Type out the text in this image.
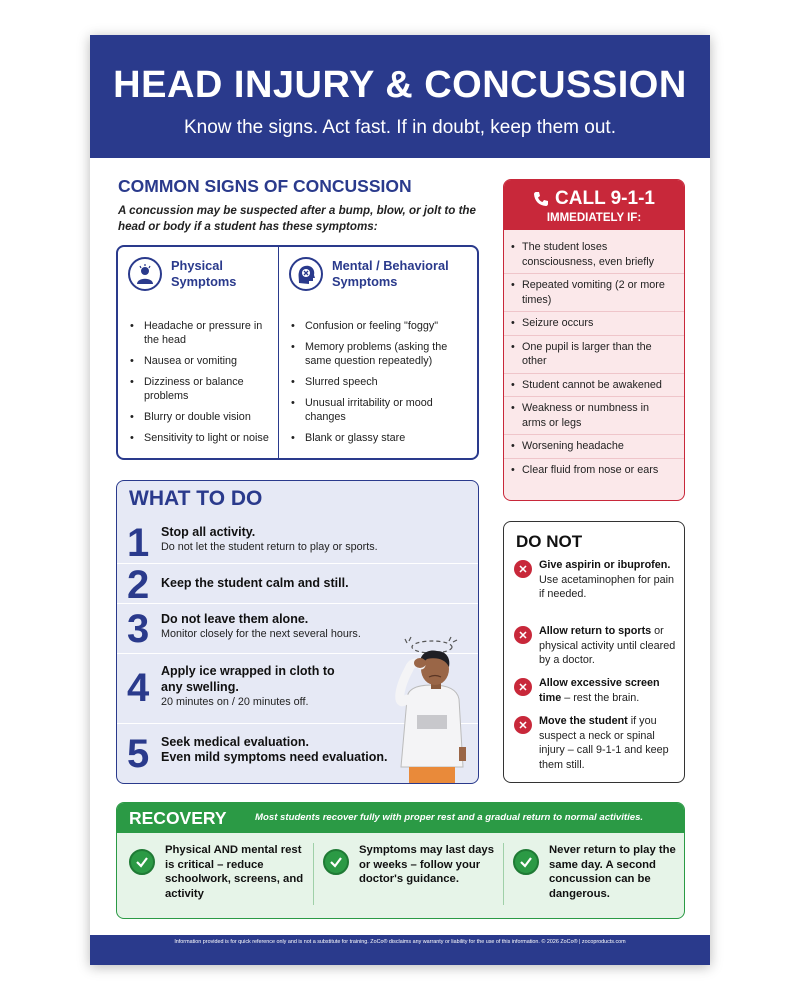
HEAD INJURY & CONCUSSION
Know the signs. Act fast. If in doubt, keep them out.
COMMON SIGNS OF CONCUSSION
A concussion may be suspected after a bump, blow, or jolt to the head or body if a student has these symptoms:
Physical Symptoms
• Headache or pressure in the head
• Nausea or vomiting
• Dizziness or balance problems
• Blurry or double vision
• Sensitivity to light or noise
Mental / Behavioral Symptoms
• Confusion or feeling "foggy"
• Memory problems (asking the same question repeatedly)
• Slurred speech
• Unusual irritability or mood changes
• Blank or glassy stare
CALL 9-1-1
IMMEDIATELY IF:
• The student loses consciousness, even briefly
• Repeated vomiting (2 or more times)
• Seizure occurs
• One pupil is larger than the other
• Student cannot be awakened
• Weakness or numbness in arms or legs
• Worsening headache
• Clear fluid from nose or ears
WHAT TO DO
1 Stop all activity.
Do not let the student return to play or sports.
2 Keep the student calm and still.
3 Do not leave them alone.
Monitor closely for the next several hours.
4 Apply ice wrapped in cloth to any swelling.
20 minutes on / 20 minutes off.
5 Seek medical evaluation.
Even mild symptoms need evaluation.
DO NOT
✕	Give aspirin or ibuprofen. Use acetaminophen for pain if needed.
✕	Allow return to sports or physical activity until cleared by a doctor.
✕	Allow excessive screen time – rest the brain.
✕	Move the student if you suspect a neck or spinal injury – call 9-1-1 and keep them still.
RECOVERY	Most students recover fully with proper rest and a gradual return to normal activities.
Physical AND mental rest is critical – reduce schoolwork, screens, and activity
Symptoms may last days or weeks – follow your doctor's guidance.
Never return to play the same day. A second concussion can be dangerous.
Information provided is for quick reference only and is not a substitute for training. ZoCo® disclaims any warranty or liability for the use of this information. © 2026 ZoCo® | zocoproducts.com
